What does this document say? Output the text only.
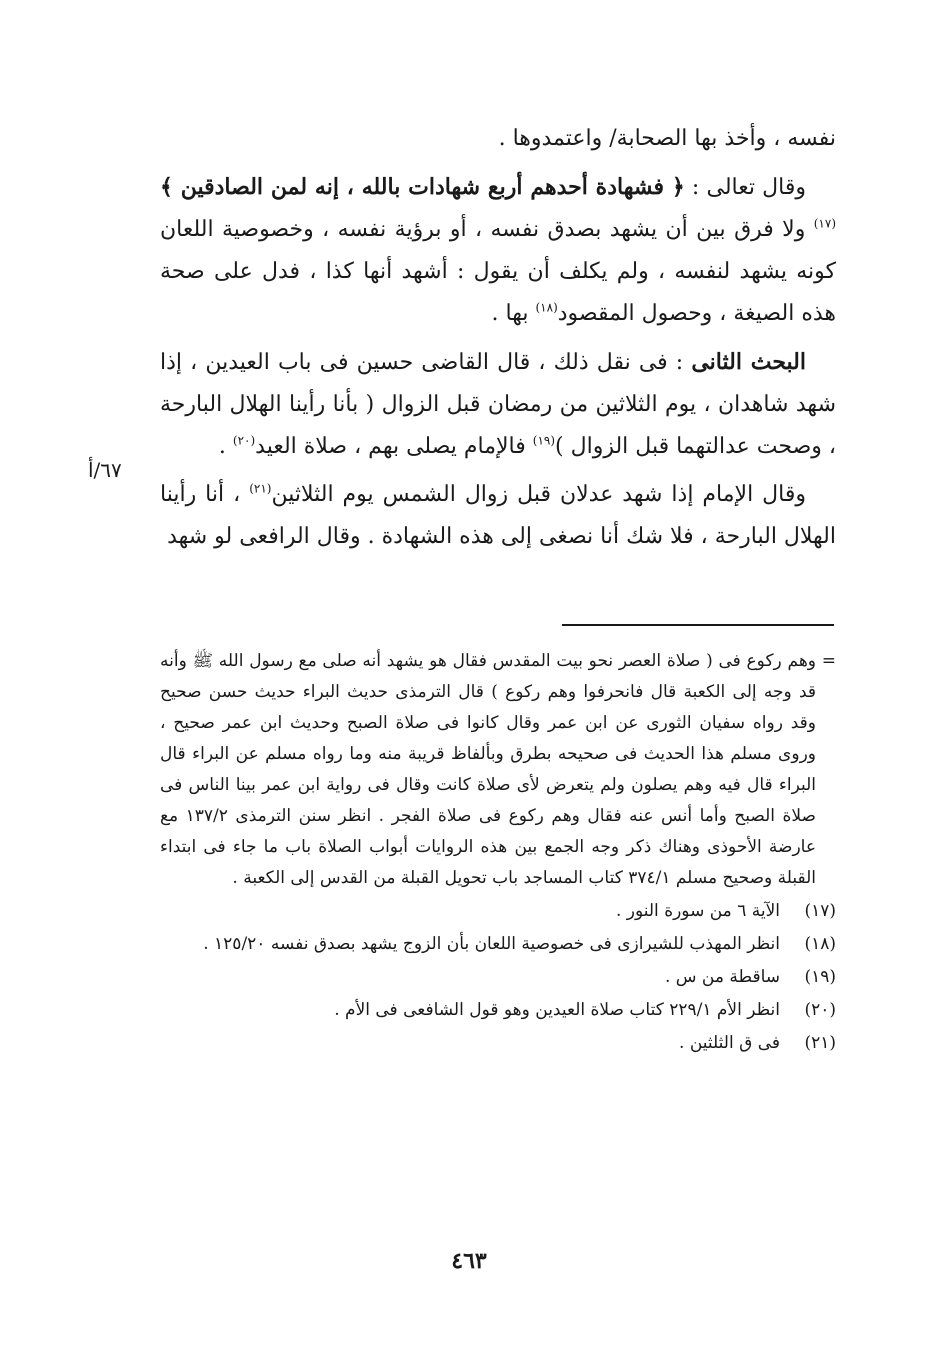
نفسه ، وأخذ بها الصحابة/ واعتمدوها .

وقال تعالى : ﴿ فشهادة أحدهم أربع شهادات بالله ، إنه لمن الصادقين ﴾$^{(١٧)}$ ولا فرق بين أن يشهد بصدق نفسه ، أو برؤية نفسه ، وخصوصية اللعان كونه يشهد لنفسه ، ولم يكلف أن يقول : أشهد أنها كذا ، فدل على صحة هذه الصيغة ، وحصول المقصود$^{(١٨)}$ بها .

البحث الثانى : فى نقل ذلك ، قال القاضى حسين فى باب العيدين ، إذا شهد شاهدان ، يوم الثلاثين من رمضان قبل الزوال ( بأنا رأينا الهلال البارحة ، وصحت عدالتهما قبل الزوال )$^{(١٩)}$ فالإمام يصلى بهم ، صلاة العيد$^{(٢٠)}$ .

وقال الإمام إذا شهد عدلان قبل زوال الشمس يوم الثلاثين$^{(٢١)}$ ، أنا رأينا الهلال البارحة ، فلا شك أنا نصغى إلى هذه الشهادة . وقال الرافعى لو شهد

٦٧/أ
=
وهم ركوع فى ( صلاة العصر نحو بيت المقدس فقال هو يشهد أنه صلى مع رسول الله ﷺ وأنه قد وجه إلى الكعبة قال فانحرفوا وهم ركوع ) قال الترمذى حديث البراء حديث حسن صحيح وقد رواه سفيان الثورى عن ابن عمر وقال كانوا فى صلاة الصبح وحديث ابن عمر صحيح ، وروى مسلم هذا الحديث فى صحيحه بطرق وبألفاظ قريبة منه وما رواه مسلم عن البراء قال البراء قال فيه وهم يصلون ولم يتعرض لأى صلاة كانت وقال فى رواية ابن عمر بينا الناس فى صلاة الصبح وأما أنس عنه فقال وهم ركوع فى صلاة الفجر . انظر سنن الترمذى ١٣٧/٢ مع عارضة الأحوذى وهناك ذكر وجه الجمع بين هذه الروايات أبواب الصلاة باب ما جاء فى ابتداء القبلة وصحيح مسلم ٣٧٤/١ كتاب المساجد باب تحويل القبلة من القدس إلى الكعبة .
(١٧)
الآية ٦ من سورة النور .
(١٨)
انظر المهذب للشيرازى فى خصوصية اللعان بأن الزوج يشهد بصدق نفسه ١٢٥/٢٠ .
(١٩)
ساقطة من س .
(٢٠)
انظر الأم ٢٢٩/١ كتاب صلاة العيدين وهو قول الشافعى فى الأم .
(٢١)
فى ق الثلثين .
٤٦٣
